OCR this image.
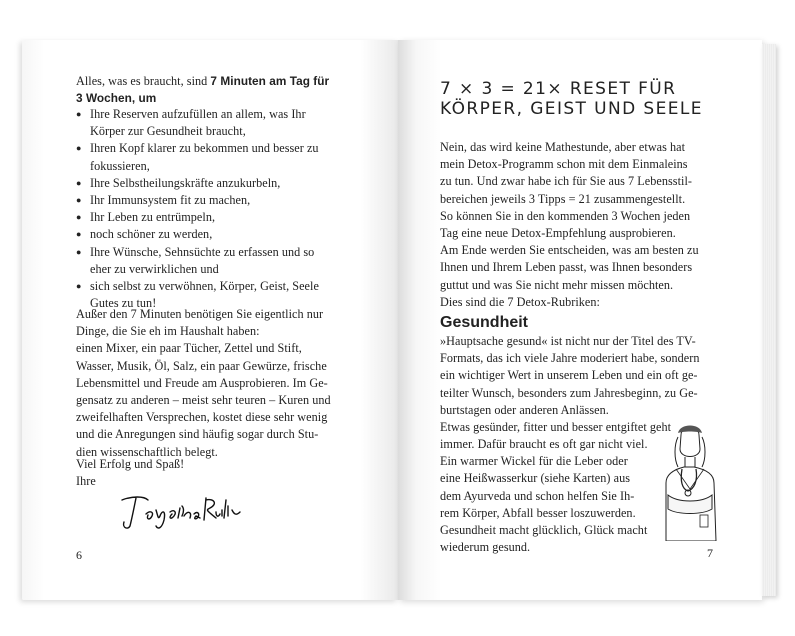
Alles, was es braucht, sind 7 Minuten am Tag für
3 Wochen, um
● Ihre Reserven aufzufüllen an allem, was Ihr
Körper zur Gesundheit braucht,
● Ihren Kopf klarer zu bekommen und besser zu
fokussieren,
● Ihre Selbstheilungskräfte anzukurbeln,
● Ihr Immunsystem fit zu machen,
● Ihr Leben zu entrümpeln,
● noch schöner zu werden,
● Ihre Wünsche, Sehnsüchte zu erfassen und so
eher zu verwirklichen und
● sich selbst zu verwöhnen, Körper, Geist, Seele
Gutes zu tun!
Außer den 7 Minuten benötigen Sie eigentlich nur
Dinge, die Sie eh im Haushalt haben:
einen Mixer, ein paar Tücher, Zettel und Stift,
Wasser, Musik, Öl, Salz, ein paar Gewürze, frische
Lebensmittel und Freude am Ausprobieren. Im Ge-
gensatz zu anderen – meist sehr teuren – Kuren und
zweifelhaften Versprechen, kostet diese sehr wenig
und die Anregungen sind häufig sogar durch Stu-
dien wissenschaftlich belegt.
Viel Erfolg und Spaß!
Ihre
Dagmar Rudin
6
7 × 3 = 21× RESET FÜR
KÖRPER, GEIST UND SEELE
Nein, das wird keine Mathestunde, aber etwas hat
mein Detox-Programm schon mit dem Einmaleins
zu tun. Und zwar habe ich für Sie aus 7 Lebensstil-
bereichen jeweils 3 Tipps = 21 zusammengestellt.
So können Sie in den kommenden 3 Wochen jeden
Tag eine neue Detox-Empfehlung ausprobieren.
Am Ende werden Sie entscheiden, was am besten zu
Ihnen und Ihrem Leben passt, was Ihnen besonders
guttut und was Sie nicht mehr missen möchten.
Dies sind die 7 Detox-Rubriken:
Gesundheit
»Hauptsache gesund« ist nicht nur der Titel des TV-
Formats, das ich viele Jahre moderiert habe, sondern
ein wichtiger Wert in unserem Leben und ein oft ge-
teilter Wunsch, besonders zum Jahresbeginn, zu Ge-
burtstagen oder anderen Anlässen.
Etwas gesünder, fitter und besser entgiftet geht
immer. Dafür braucht es oft gar nicht viel.
Ein warmer Wickel für die Leber oder
eine Heißwasserkur (siehe Karten) aus
dem Ayurveda und schon helfen Sie Ih-
rem Körper, Abfall besser loszuwerden.
Gesundheit macht glücklich, Glück macht
wiederum gesund.	7
